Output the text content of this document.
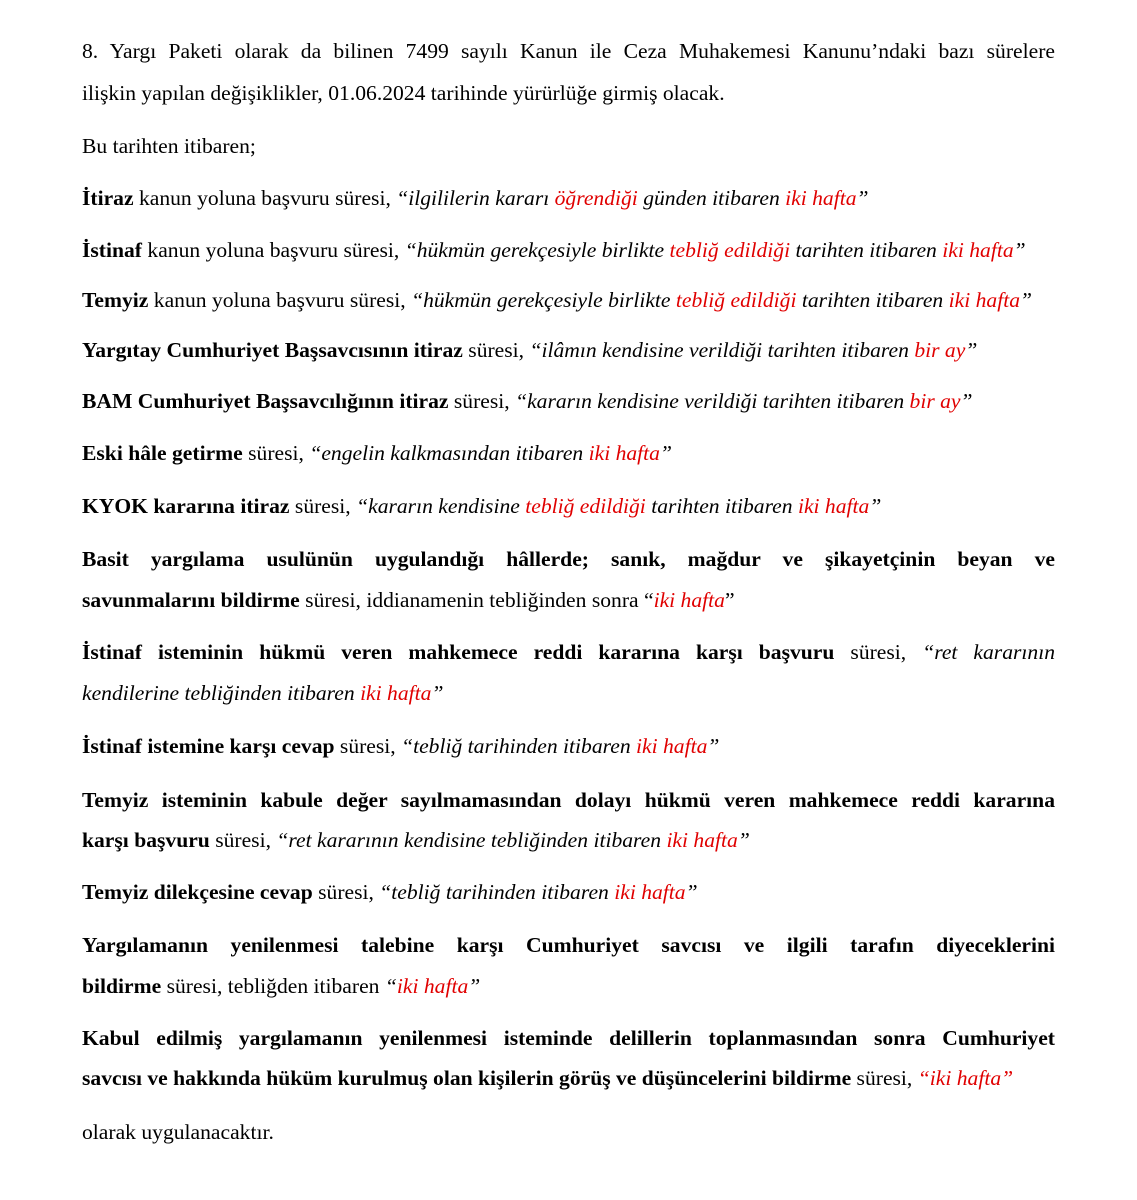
8. Yargı Paketi olarak da bilinen 7499 sayılı Kanun ile Ceza Muhakemesi Kanunu’ndaki bazı sürelere

ilişkin yapılan değişiklikler, 01.06.2024 tarihinde yürürlüğe girmiş olacak.

Bu tarihten itibaren;

İtiraz kanun yoluna başvuru süresi, “ilgililerin kararı öğrendiği günden itibaren iki hafta”

İstinaf kanun yoluna başvuru süresi, “hükmün gerekçesiyle birlikte tebliğ edildiği tarihten itibaren iki hafta”

Temyiz kanun yoluna başvuru süresi, “hükmün gerekçesiyle birlikte tebliğ edildiği tarihten itibaren iki hafta”

Yargıtay Cumhuriyet Başsavcısının itiraz süresi, “ilâmın kendisine verildiği tarihten itibaren bir ay”

BAM Cumhuriyet Başsavcılığının itiraz süresi, “kararın kendisine verildiği tarihten itibaren bir ay”

Eski hâle getirme süresi, “engelin kalkmasından itibaren iki hafta”

KYOK kararına itiraz süresi, “kararın kendisine tebliğ edildiği tarihten itibaren iki hafta”

Basit yargılama usulünün uygulandığı hâllerde; sanık, mağdur ve şikayetçinin beyan ve

savunmalarını bildirme süresi, iddianamenin tebliğinden sonra “iki hafta”

İstinaf isteminin hükmü veren mahkemece reddi kararına karşı başvuru süresi, “ret kararının

kendilerine tebliğinden itibaren iki hafta”

İstinaf istemine karşı cevap süresi, “tebliğ tarihinden itibaren iki hafta”

Temyiz isteminin kabule değer sayılmamasından dolayı hükmü veren mahkemece reddi kararına

karşı başvuru süresi, “ret kararının kendisine tebliğinden itibaren iki hafta”

Temyiz dilekçesine cevap süresi, “tebliğ tarihinden itibaren iki hafta”

Yargılamanın yenilenmesi talebine karşı Cumhuriyet savcısı ve ilgili tarafın diyeceklerini

bildirme süresi, tebliğden itibaren “iki hafta”

Kabul edilmiş yargılamanın yenilenmesi isteminde delillerin toplanmasından sonra Cumhuriyet

savcısı ve hakkında hüküm kurulmuş olan kişilerin görüş ve düşüncelerini bildirme süresi, “iki hafta”

olarak uygulanacaktır.
